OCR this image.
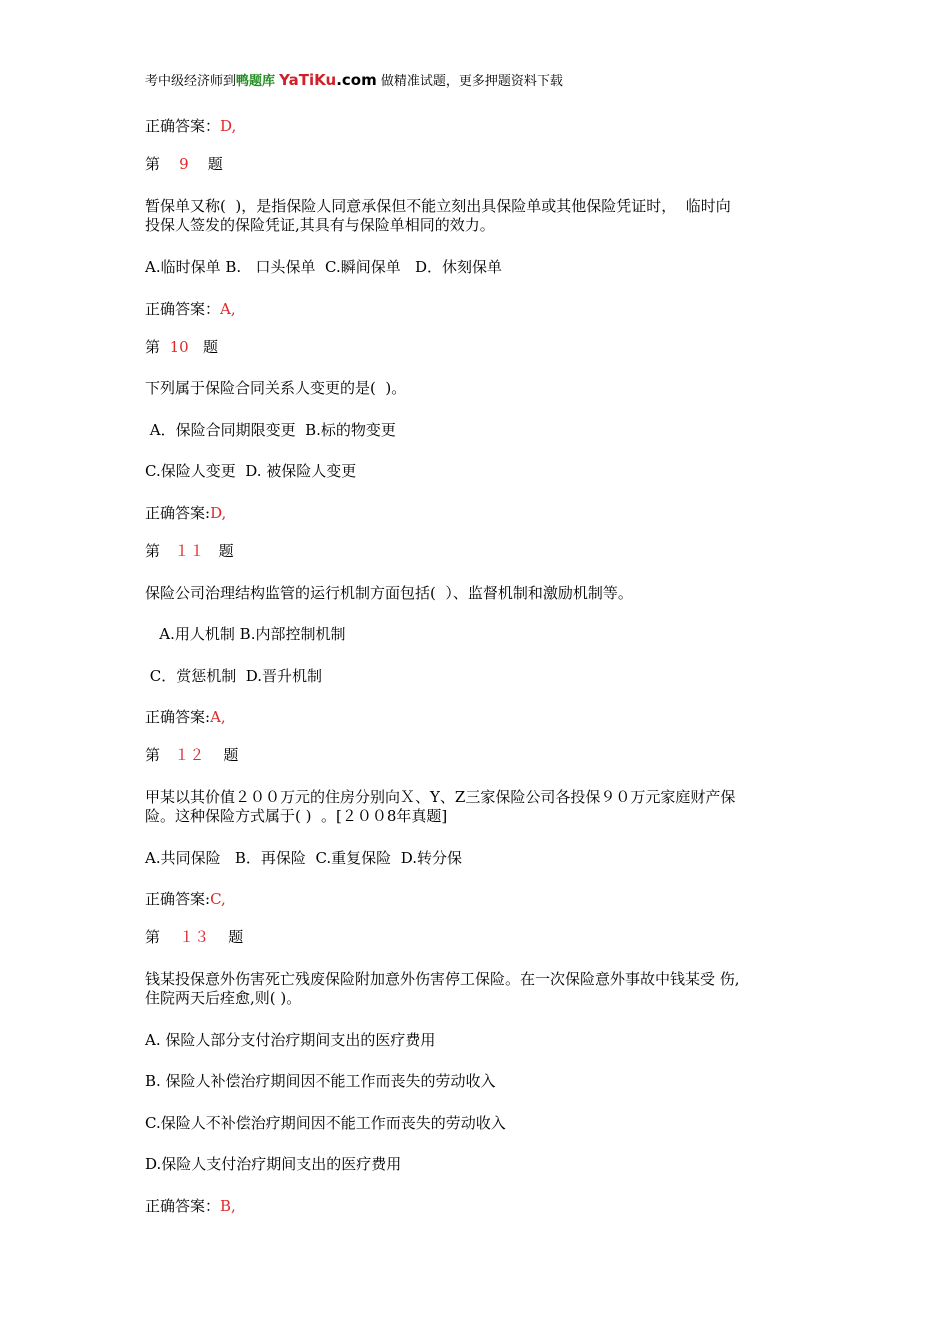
考中级经济师到鸭题库 YaTiKu.com 做精准试题，更多押题资料下载
正确答案：D,
第 9 题
暂保单又称(  )，是指保险人同意承保但不能立刻出具保险单或其他保险凭证时，  临时向
投保人签发的保险凭证,其具有与保险单相同的效力。
A.临时保单 B.   口头保单  C.瞬间保单   D．休刻保单
正确答案：A,
第 10 题
下列属于保险合同关系人变更的是(  )。
A．保险合同期限变更  B.标的物变更
C.保险人变更  D. 被保险人变更
正确答案:D,
第 １１ 题
保险公司治理结构监管的运行机制方面包括(  ）、监督机制和激励机制等。
A.用人机制 B.内部控制机制
C．赏惩机制  D.晋升机制
正确答案:A,
第 １２ 题
甲某以其价值２００万元的住房分别向Ｘ、Y、Z三家保险公司各投保９０万元家庭财产保
险。这种保险方式属于( )  。[２００8年真题]
A.共同保险   B．再保险  C.重复保险  D.转分保
正确答案:C,
第 １３ 题
钱某投保意外伤害死亡残废保险附加意外伤害停工保险。在一次保险意外事故中钱某受 伤,
住院两天后痊愈,则( )。
A. 保险人部分支付治疗期间支出的医疗费用
B. 保险人补偿治疗期间因不能工作而丧失的劳动收入
C.保险人不补偿治疗期间因不能工作而丧失的劳动收入
D.保险人支付治疗期间支出的医疗费用
正确答案：B,
